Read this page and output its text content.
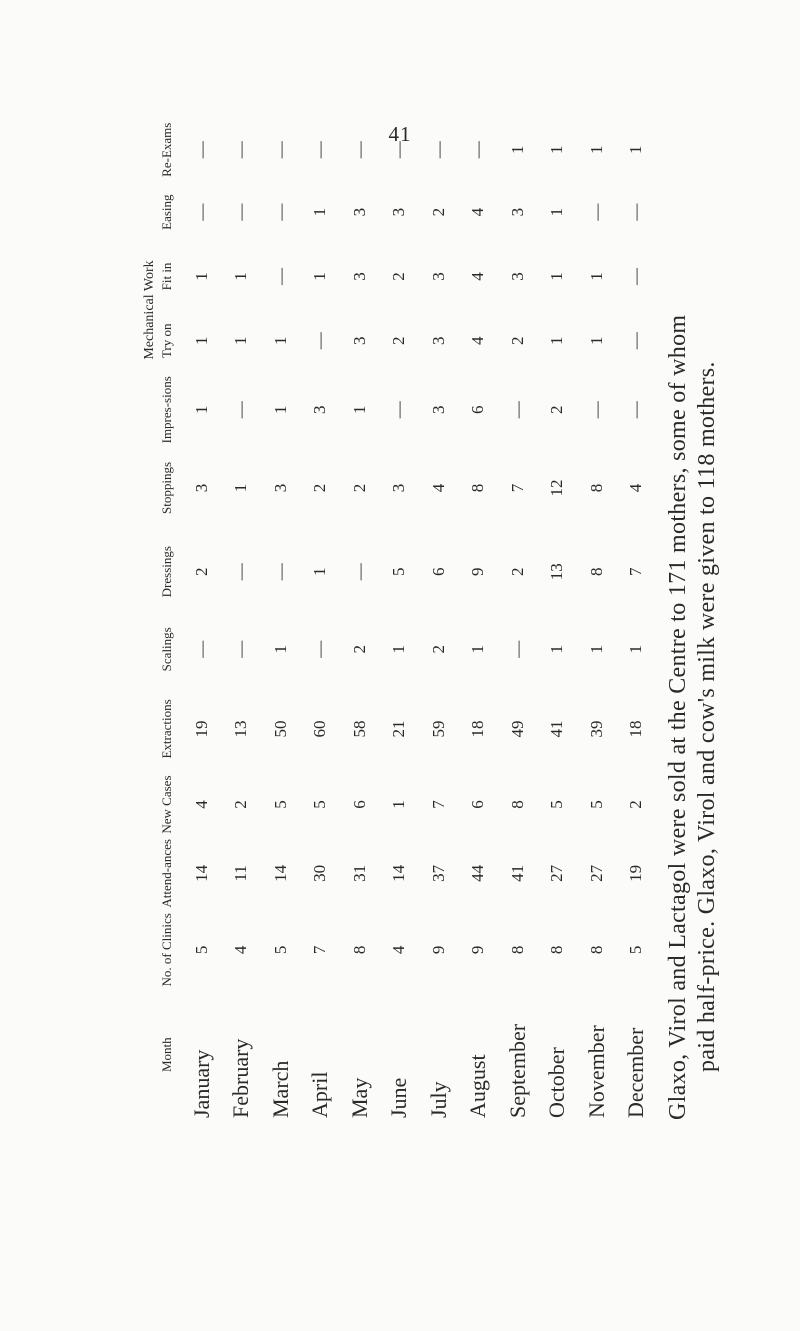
41
Mechanical Work
Month	No. of Clinics	Attend-ances	New Cases	Extractions	Scalings	Dressings	Stoppings	Impres-sions	Try on	Fit in	Easing	Re-Exams
January	5	14	4	19	—	2	3	1	1	1	—	—
February	4	11	2	13	—	—	1	—	1	1	—	—
March	5	14	5	50	1	—	3	1	1	—	—	—
April	7	30	5	60	—	1	2	3	—	1	1	—
May	8	31	6	58	2	—	2	1	3	3	3	—
June	4	14	1	21	1	5	3	—	2	2	3	—
July	9	37	7	59	2	6	4	3	3	3	2	—
August	9	44	6	18	1	9	8	6	4	4	4	—
September	8	41	8	49	—	2	7	—	2	3	3	1
October	8	27	5	41	1	13	12	2	1	1	1	1
November	8	27	5	39	1	8	8	—	1	1	—	1
December	5	19	2	18	1	7	4	—	—	—	—	1
Glaxo, Virol and Lactagol were sold at the Centre to 171 mothers, some of whom paid half-price. Glaxo, Virol and cow's milk were given to 118 mothers.
